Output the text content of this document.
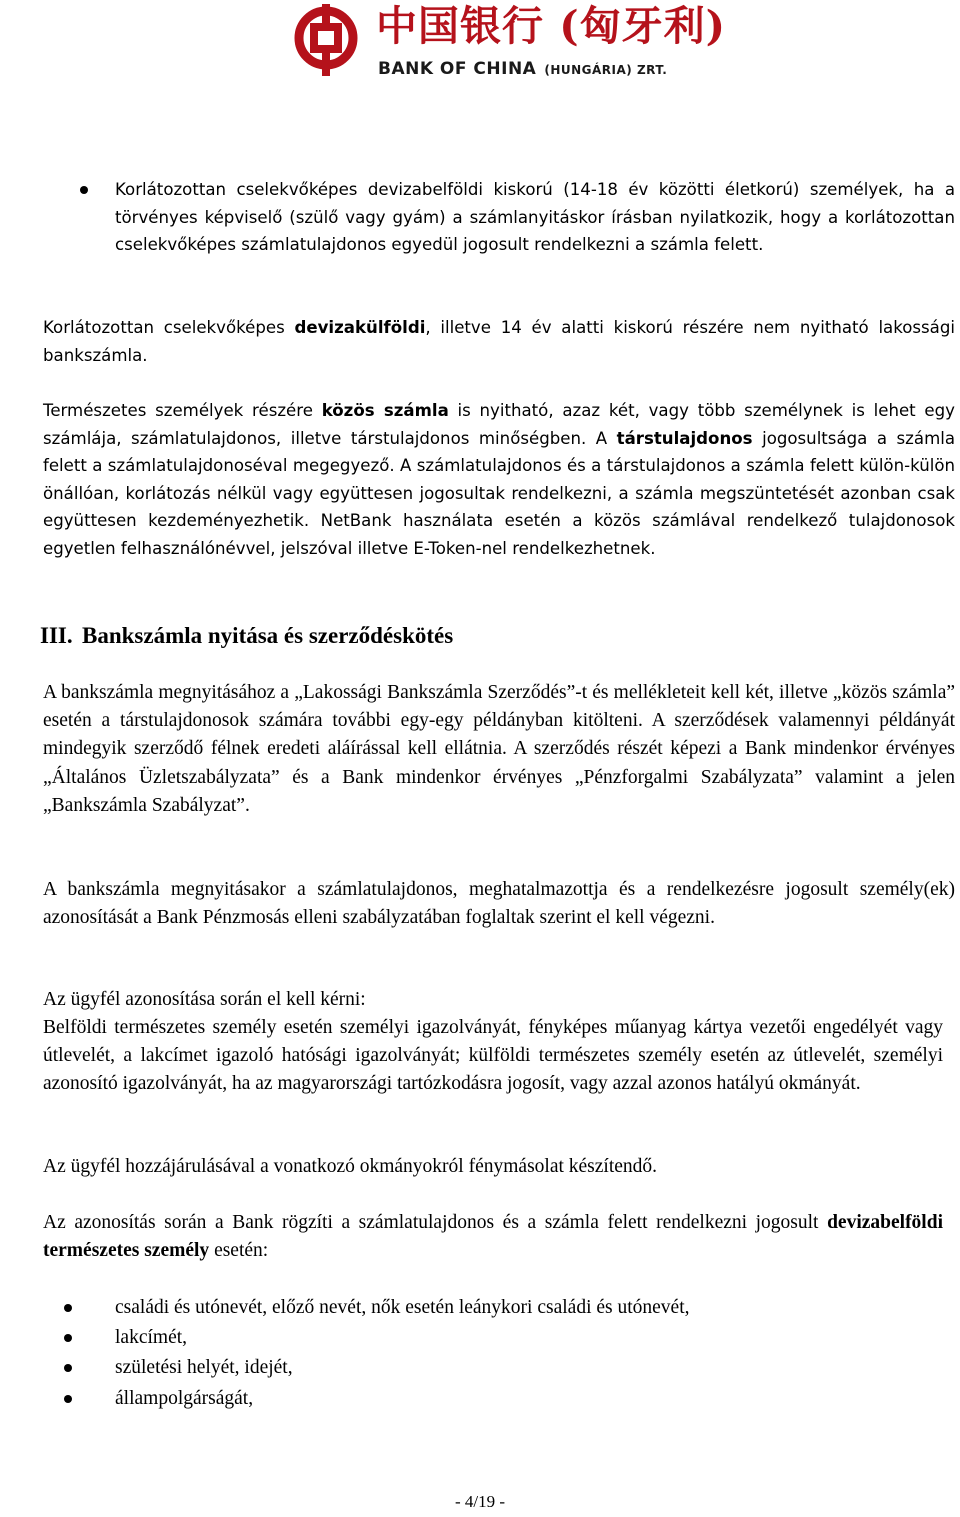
中国银行 (匈牙利)
BANK OF CHINA (HUNGÁRIA) ZRT.
Korlátozottan cselekvőképes devizabelföldi kiskorú (14-18 év közötti életkorú) személyek, ha a törvényes képviselő (szülő vagy gyám) a számlanyitáskor írásban nyilatkozik, hogy a korlátozottan cselekvőképes számlatulajdonos egyedül jogosult rendelkezni a számla felett.
Korlátozottan cselekvőképes devizakülföldi, illetve 14 év alatti kiskorú részére nem nyitható lakossági bankszámla.
Természetes személyek részére közös számla is nyitható, azaz két, vagy több személynek is lehet egy számlája, számlatulajdonos, illetve társtulajdonos minőségben. A társtulajdonos jogosultsága a számla felett a számlatulajdonoséval megegyező. A számlatulajdonos és a társtulajdonos a számla felett külön-külön önállóan, korlátozás nélkül vagy együttesen jogosultak rendelkezni, a számla megszüntetését azonban csak együttesen kezdeményezhetik. NetBank használata esetén a közös számlával rendelkező tulajdonosok egyetlen felhasználónévvel, jelszóval illetve E-Token-nel rendelkezhetnek.
III. Bankszámla nyitása és szerződéskötés
A bankszámla megnyitásához a „Lakossági Bankszámla Szerződés”-t és mellékleteit kell két, illetve „közös számla” esetén a társtulajdonosok számára további egy-egy példányban kitölteni. A szerződések valamennyi példányát mindegyik szerződő félnek eredeti aláírással kell ellátnia. A szerződés részét képezi a Bank mindenkor érvényes „Általános Üzletszabályzata” és a Bank mindenkor érvényes „Pénzforgalmi Szabályzata” valamint a jelen „Bankszámla Szabályzat”.
A bankszámla megnyitásakor a számlatulajdonos, meghatalmazottja és a rendelkezésre jogosult személy(ek) azonosítását a Bank Pénzmosás elleni szabályzatában foglaltak szerint el kell végezni.
Az ügyfél azonosítása során el kell kérni:
Belföldi természetes személy esetén személyi igazolványát, fényképes műanyag kártya vezetői engedélyét vagy útlevelét, a lakcímet igazoló hatósági igazolványát; külföldi természetes személy esetén az útlevelét, személyi azonosító igazolványát, ha az magyarországi tartózkodásra jogosít, vagy azzal azonos hatályú okmányát.
Az ügyfél hozzájárulásával a vonatkozó okmányokról fénymásolat készítendő.
Az azonosítás során a Bank rögzíti a számlatulajdonos és a számla felett rendelkezni jogosult devizabelföldi természetes személy esetén:
családi és utónevét, előző nevét, nők esetén leánykori családi és utónevét,
lakcímét,
születési helyét, idejét,
állampolgárságát,
- 4/19 -
